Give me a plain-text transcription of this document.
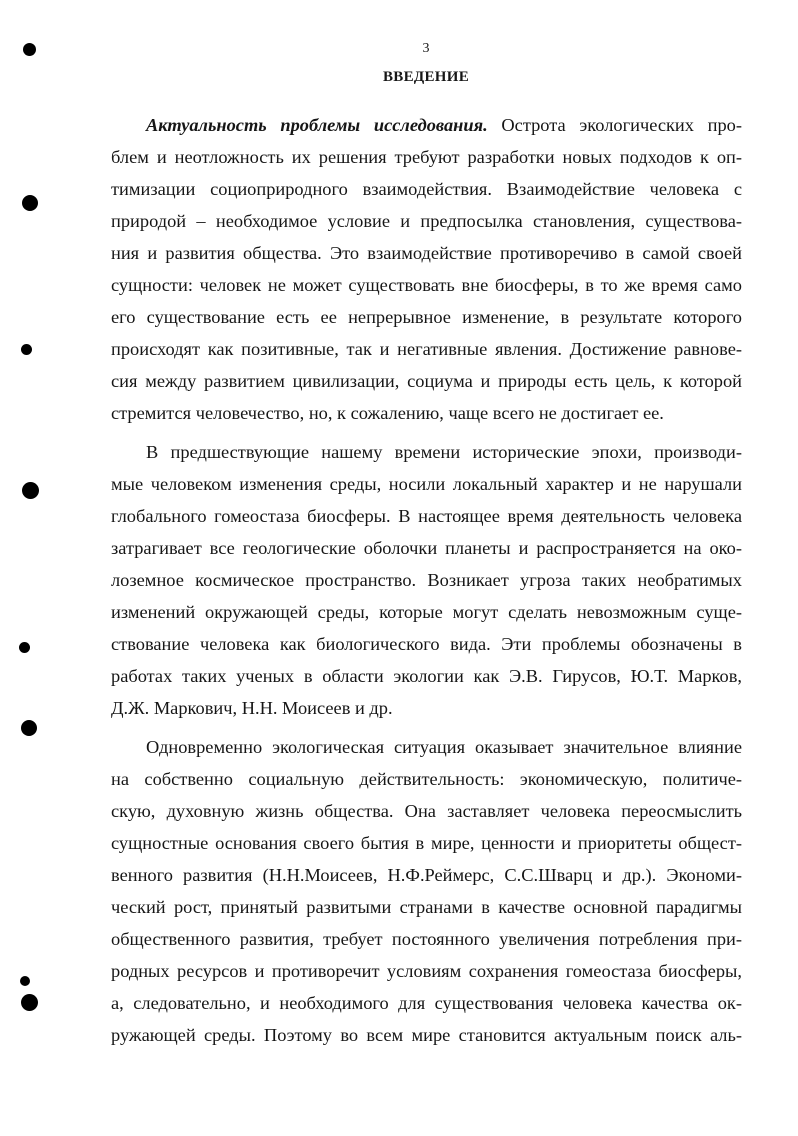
3
ВВЕДЕНИЕ
Актуальность проблемы исследования. Острота экологических про-
блем и неотложность их решения требуют разработки новых подходов к оп-
тимизации социоприродного взаимодействия. Взаимодействие человека с
природой – необходимое условие и предпосылка становления, существова-
ния и развития общества. Это взаимодействие противоречиво в самой своей
сущности: человек не может существовать вне биосферы, в то же время само
его существование есть ее непрерывное изменение, в результате которого
происходят как позитивные, так и негативные явления. Достижение равнове-
сия между развитием цивилизации, социума и природы есть цель, к которой
стремится человечество, но, к сожалению, чаще всего не достигает ее.
В предшествующие нашему времени исторические эпохи, производи-
мые человеком изменения среды, носили локальный характер и не нарушали
глобального гомеостаза биосферы. В настоящее время деятельность человека
затрагивает все геологические оболочки планеты и распространяется на око-
лоземное космическое пространство. Возникает угроза таких необратимых
изменений окружающей среды, которые могут сделать невозможным суще-
ствование человека как биологического вида. Эти проблемы обозначены в
работах таких ученых в области экологии как Э.В. Гирусов, Ю.Т. Марков,
Д.Ж. Маркович, Н.Н. Моисеев и др.
Одновременно экологическая ситуация оказывает значительное влияние
на собственно социальную действительность: экономическую, политиче-
скую, духовную жизнь общества. Она заставляет человека переосмыслить
сущностные основания своего бытия в мире, ценности и приоритеты общест-
венного развития (Н.Н.Моисеев, Н.Ф.Реймерс, С.С.Шварц и др.). Экономи-
ческий рост, принятый развитыми странами в качестве основной парадигмы
общественного развития, требует постоянного увеличения потребления при-
родных ресурсов и противоречит условиям сохранения гомеостаза биосферы,
а, следовательно, и необходимого для существования человека качества ок-
ружающей среды. Поэтому во всем мире становится актуальным поиск аль-
